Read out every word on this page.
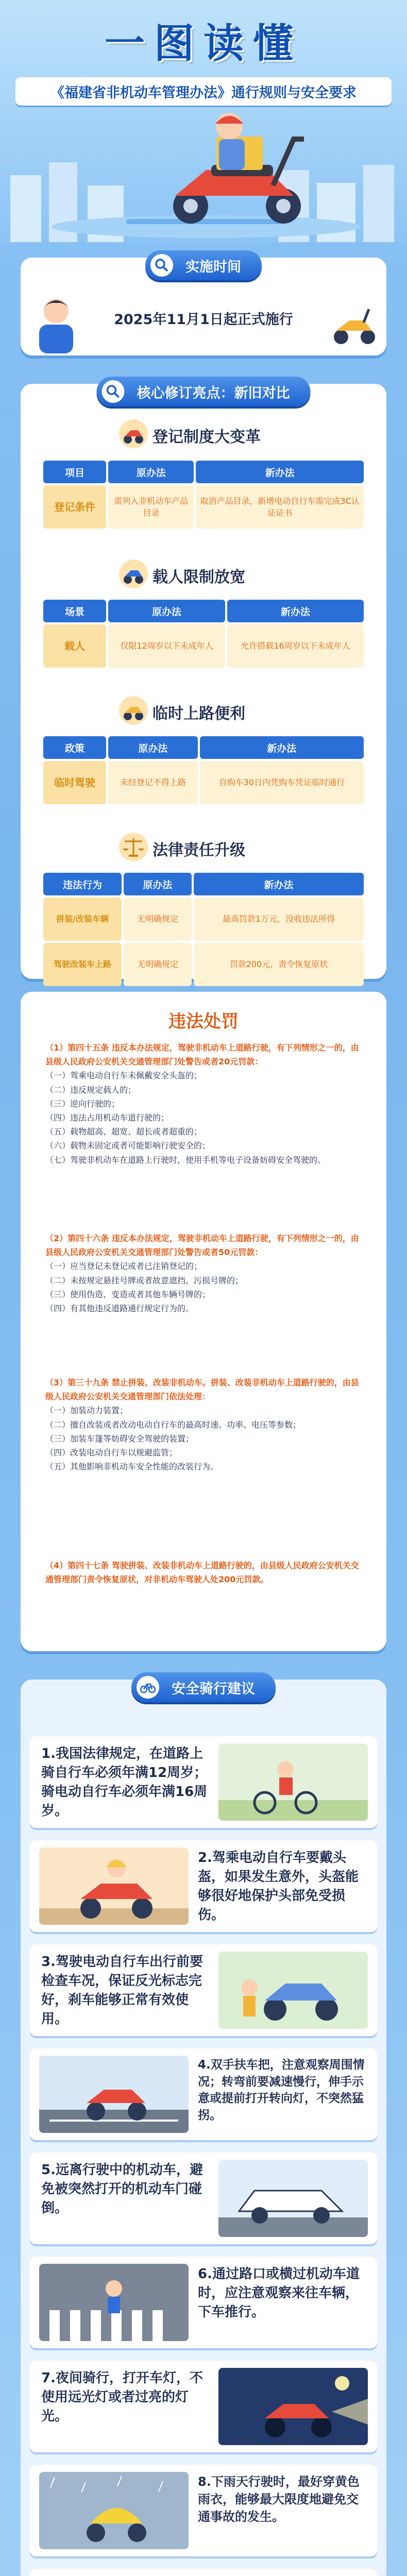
一图读懂
《福建省非机动车管理办法》通行规则与安全要求
实施时间
2025年11月1日起正式施行
核心修订亮点：新旧对比
登记制度大变革
项目	原办法	新办法
登记条件	需列入非机动车产品目录	取消产品目录，新增电动自行车需完成3C认证证书
载人限制放宽
场景	原办法	新办法
载人	仅限12周岁以下未成年人	允许搭载16周岁以下未成年人
临时上路便利
政策	原办法	新办法
临时驾驶	未经登记不得上路	自购车30日内凭购车凭证临时通行
法律责任升级
违法行为	原办法	新办法
拼装/改装车辆	无明确规定	最高罚款1万元，没收违法所得
驾驶改装车上路	无明确规定	罚款200元，责令恢复原状
违法处罚
（1）第四十五条 违反本办法规定，驾驶非机动车上道路行驶，有下列情形之一的，由县级人民政府公安机关交通管理部门处警告或者20元罚款：
（一）驾乘电动自行车未佩戴安全头盔的；
（二）违反规定载人的；
（三）逆向行驶的；
（四）违法占用机动车道行驶的；
（五）载物超高、超宽、超长或者超重的；
（六）载物未固定或者可能影响行驶安全的；
（七）驾驶非机动车在道路上行驶时，使用手机等电子设备妨碍安全驾驶的。
（2）第四十六条 违反本办法规定，驾驶非机动车上道路行驶，有下列情形之一的，由县级人民政府公安机关交通管理部门处警告或者50元罚款：
（一）应当登记未登记或者已注销登记的；
（二）未按规定悬挂号牌或者故意遮挡、污损号牌的；
（三）使用伪造、变造或者其他车辆号牌的；
（四）有其他违反道路通行规定行为的。
（3）第三十九条 禁止拼装、改装非机动车。拼装、改装非机动车上道路行驶的，由县级人民政府公安机关交通管理部门依法处理：
（一）加装动力装置；
（二）擅自改装或者改动电动自行车的最高时速、功率、电压等参数；
（三）加装车篷等妨碍安全驾驶的装置；
（四）改装电动自行车以规避监管；
（五）其他影响非机动车安全性能的改装行为。
（4）第四十七条 驾驶拼装、改装非机动车上道路行驶的，由县级人民政府公安机关交通管理部门责令恢复原状，对非机动车驾驶人处200元罚款。
安全骑行建议
1.我国法律规定，在道路上骑自行车必须年满12周岁；骑电动自行车必须年满16周岁。
2.驾乘电动自行车要戴头盔，如果发生意外，头盔能够很好地保护头部免受损伤。
3.驾驶电动自行车出行前要检查车况，保证反光标志完好，刹车能够正常有效使用。
4.双手扶车把，注意观察周围情况；转弯前要减速慢行，伸手示意或提前打开转向灯，不突然猛拐。
5.远离行驶中的机动车，避免被突然打开的机动车门碰倒。
6.通过路口或横过机动车道时，应注意观察来往车辆，下车推行。
7.夜间骑行，打开车灯，不使用远光灯或者过亮的灯光。
8.下雨天行驶时，最好穿黄色雨衣，能够最大限度地避免交通事故的发生。
